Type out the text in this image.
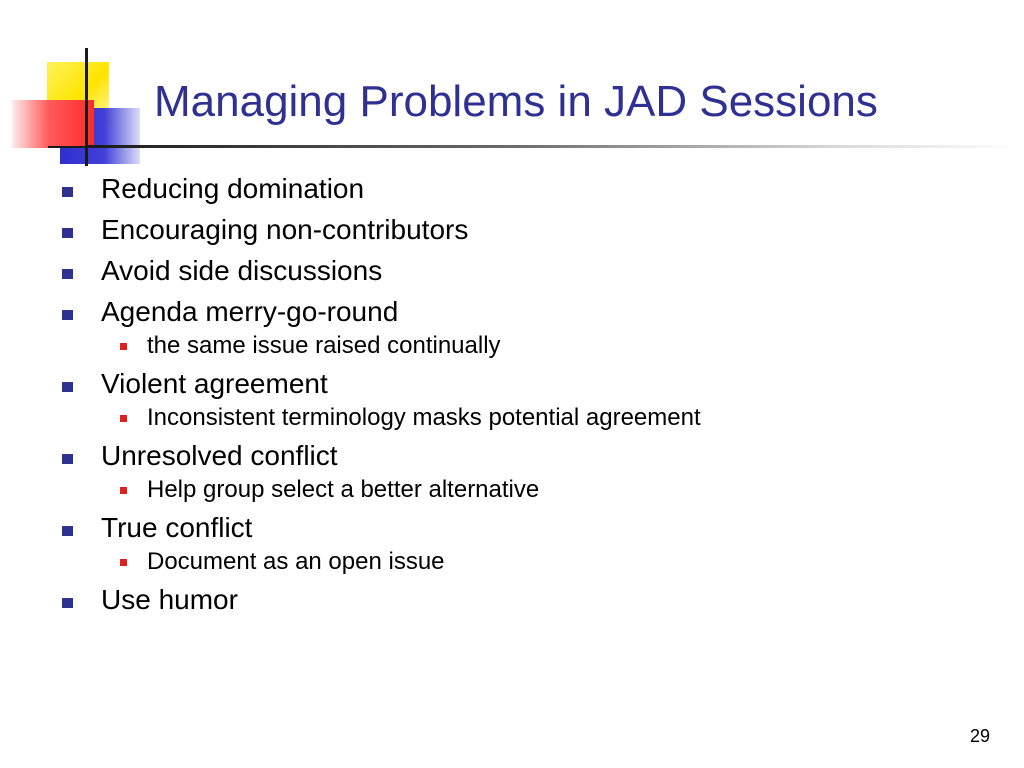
Managing Problems in JAD Sessions
Reducing domination
Encouraging non-contributors
Avoid side discussions
Agenda merry-go-round
the same issue raised continually
Violent agreement
Inconsistent terminology masks potential agreement
Unresolved conflict
Help group select a better alternative
True conflict
Document as an open issue
Use humor
29
